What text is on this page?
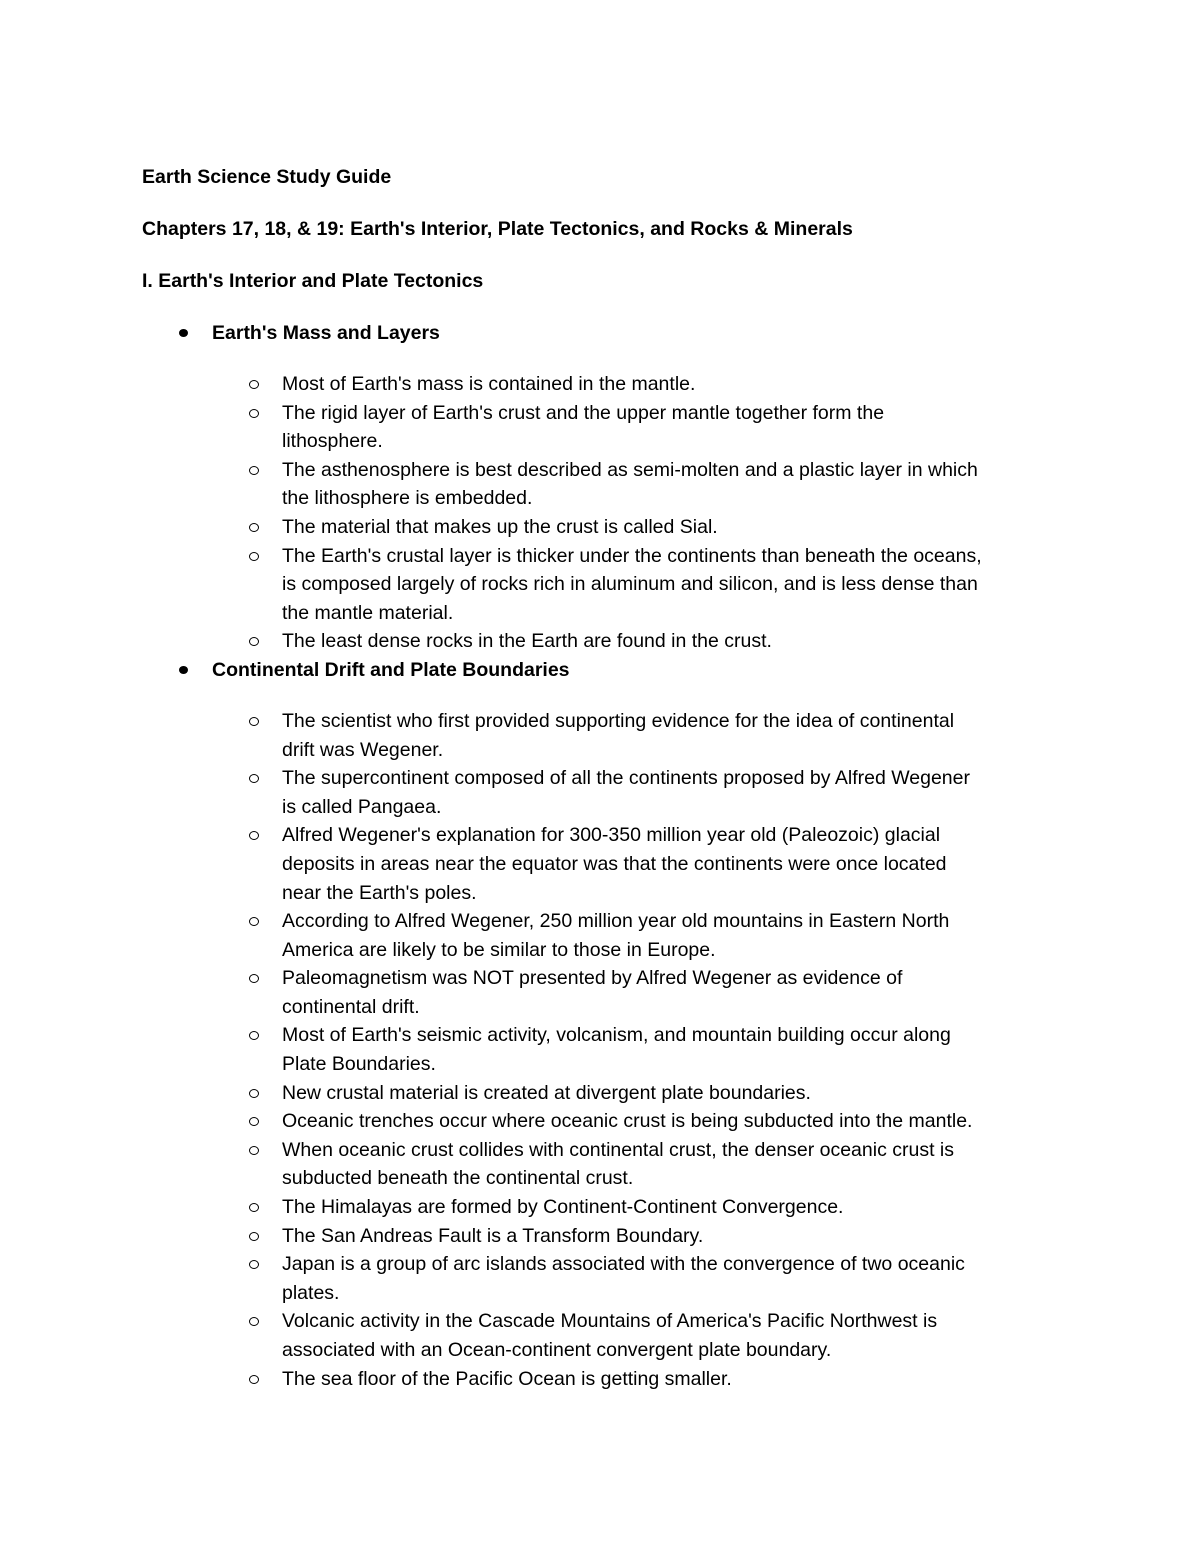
Earth Science Study Guide
Chapters 17, 18, & 19: Earth's Interior, Plate Tectonics, and Rocks & Minerals
I. Earth's Interior and Plate Tectonics
Earth's Mass and Layers
Most of Earth's mass is contained in the mantle.
The rigid layer of Earth's crust and the upper mantle together form the
lithosphere.
The asthenosphere is best described as semi-molten and a plastic layer in which
the lithosphere is embedded.
The material that makes up the crust is called Sial.
The Earth's crustal layer is thicker under the continents than beneath the oceans,
is composed largely of rocks rich in aluminum and silicon, and is less dense than
the mantle material.
The least dense rocks in the Earth are found in the crust.
Continental Drift and Plate Boundaries
The scientist who first provided supporting evidence for the idea of continental
drift was Wegener.
The supercontinent composed of all the continents proposed by Alfred Wegener
is called Pangaea.
Alfred Wegener's explanation for 300-350 million year old (Paleozoic) glacial
deposits in areas near the equator was that the continents were once located
near the Earth's poles.
According to Alfred Wegener, 250 million year old mountains in Eastern North
America are likely to be similar to those in Europe.
Paleomagnetism was NOT presented by Alfred Wegener as evidence of
continental drift.
Most of Earth's seismic activity, volcanism, and mountain building occur along
Plate Boundaries.
New crustal material is created at divergent plate boundaries.
Oceanic trenches occur where oceanic crust is being subducted into the mantle.
When oceanic crust collides with continental crust, the denser oceanic crust is
subducted beneath the continental crust.
The Himalayas are formed by Continent-Continent Convergence.
The San Andreas Fault is a Transform Boundary.
Japan is a group of arc islands associated with the convergence of two oceanic
plates.
Volcanic activity in the Cascade Mountains of America's Pacific Northwest is
associated with an Ocean-continent convergent plate boundary.
The sea floor of the Pacific Ocean is getting smaller.
